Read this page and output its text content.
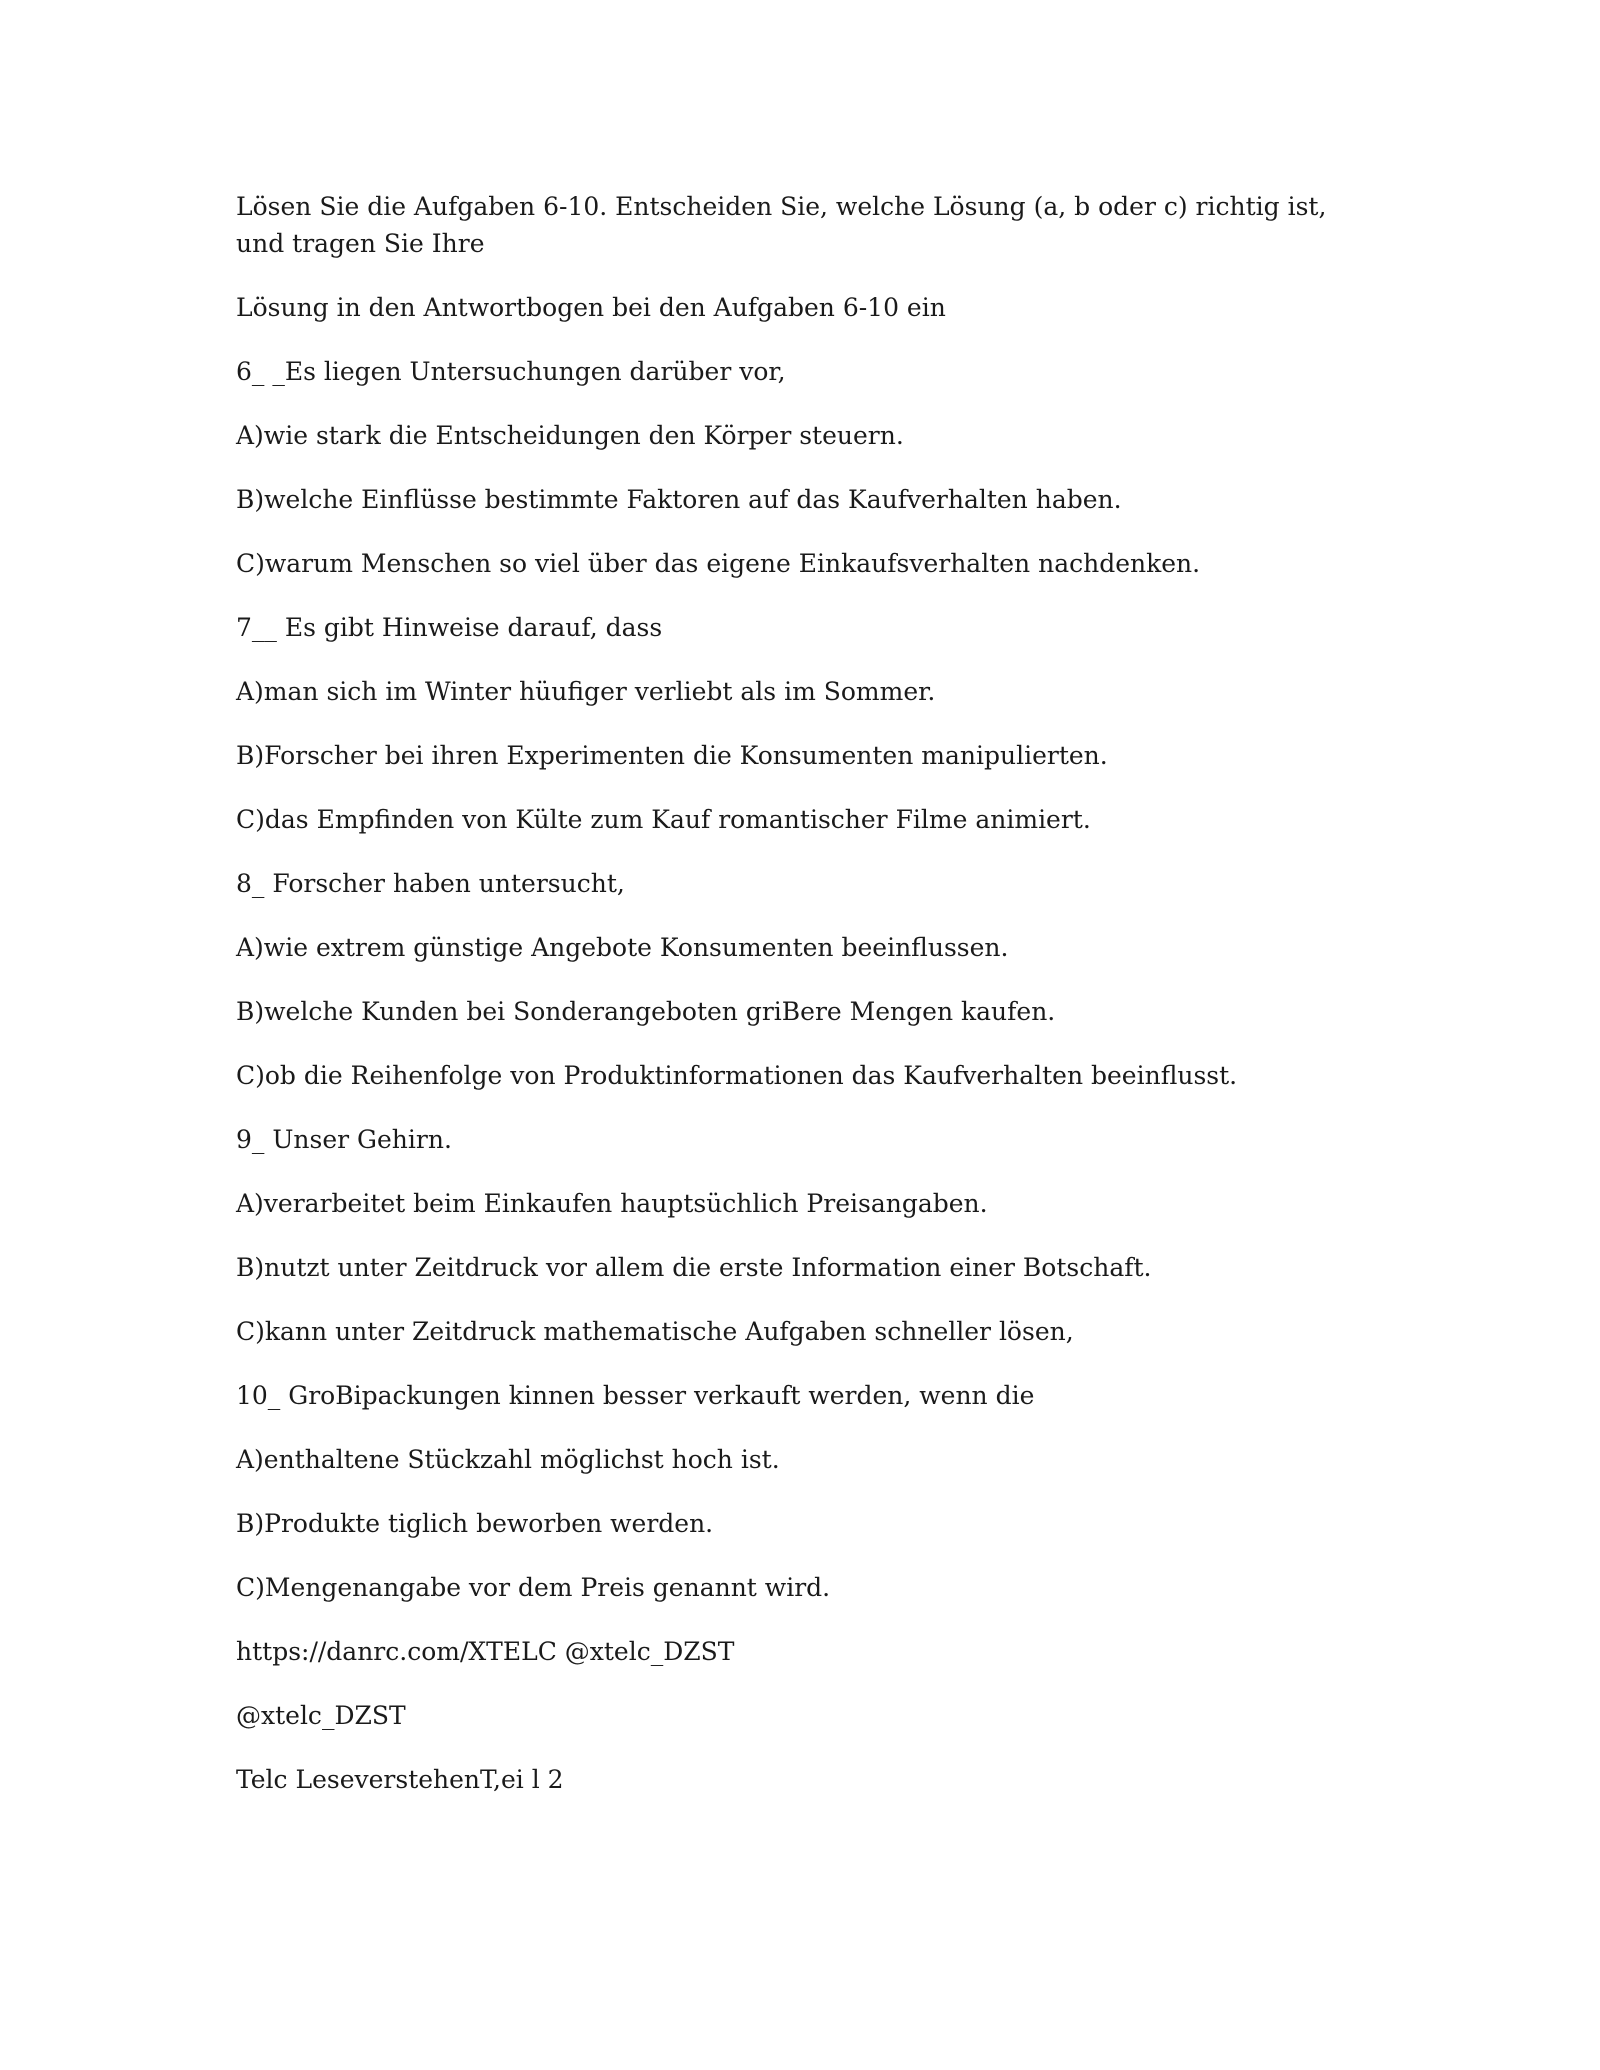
Lösen Sie die Aufgaben 6-10. Entscheiden Sie, welche Lösung (a, b oder c) richtig ist, und tragen Sie Ihre

Lösung in den Antwortbogen bei den Aufgaben 6-10 ein

6_ _Es liegen Untersuchungen darüber vor,

A)wie stark die Entscheidungen den Körper steuern.

B)welche Einflüsse bestimmte Faktoren auf das Kaufverhalten haben.

C)warum Menschen so viel über das eigene Einkaufsverhalten nachdenken.

7__ Es gibt Hinweise darauf, dass

A)man sich im Winter hüufiger verliebt als im Sommer.

B)Forscher bei ihren Experimenten die Konsumenten manipulierten.

C)das Empfinden von Külte zum Kauf romantischer Filme animiert.

8_ Forscher haben untersucht,

A)wie extrem günstige Angebote Konsumenten beeinflussen.

B)welche Kunden bei Sonderangeboten griBere Mengen kaufen.

C)ob die Reihenfolge von Produktinformationen das Kaufverhalten beeinflusst.

9_ Unser Gehirn.

A)verarbeitet beim Einkaufen hauptsüchlich Preisangaben.

B)nutzt unter Zeitdruck vor allem die erste Information einer Botschaft.

C)kann unter Zeitdruck mathematische Aufgaben schneller lösen,

10_ GroBipackungen kinnen besser verkauft werden, wenn die

A)enthaltene Stückzahl möglichst hoch ist.

B)Produkte tiglich beworben werden.

C)Mengenangabe vor dem Preis genannt wird.

https://danrc.com/XTELC @xtelc_DZST

@xtelc_DZST

Telc LeseverstehenT,ei l 2
